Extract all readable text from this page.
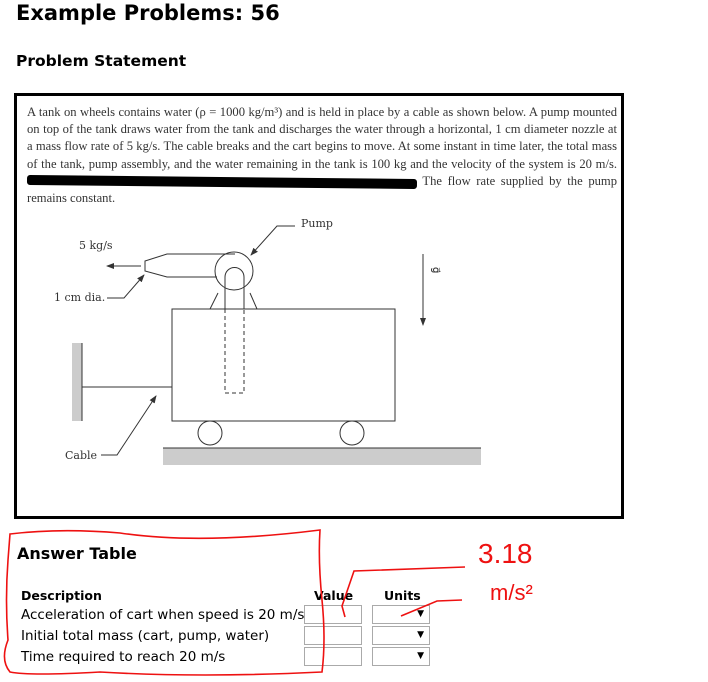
Example Problems: 56
Problem Statement
A tank on wheels contains water (ρ = 1000 kg/m³) and is held in place by a cable as shown below. A pump mounted on top of the tank draws water from the tank and discharges the water through a horizontal, 1 cm diameter nozzle at a mass flow rate of 5 kg/s. The cable breaks and the cart begins to move. At some instant in time later, the total mass of the tank, pump assembly, and the water remaining in the tank is 100 kg and the velocity of the system is 20 m/s.  The flow rate supplied by the pump remains constant.
5 kg/s
Cable
1 cm dia.
Pump
g⃗
Answer Table
Description	Value Units
Acceleration of cart when speed is 20 m/s
Initial total mass (cart, pump, water)
Time required to reach 20 m/s
▼
▼
▼
3.18
m/s²
